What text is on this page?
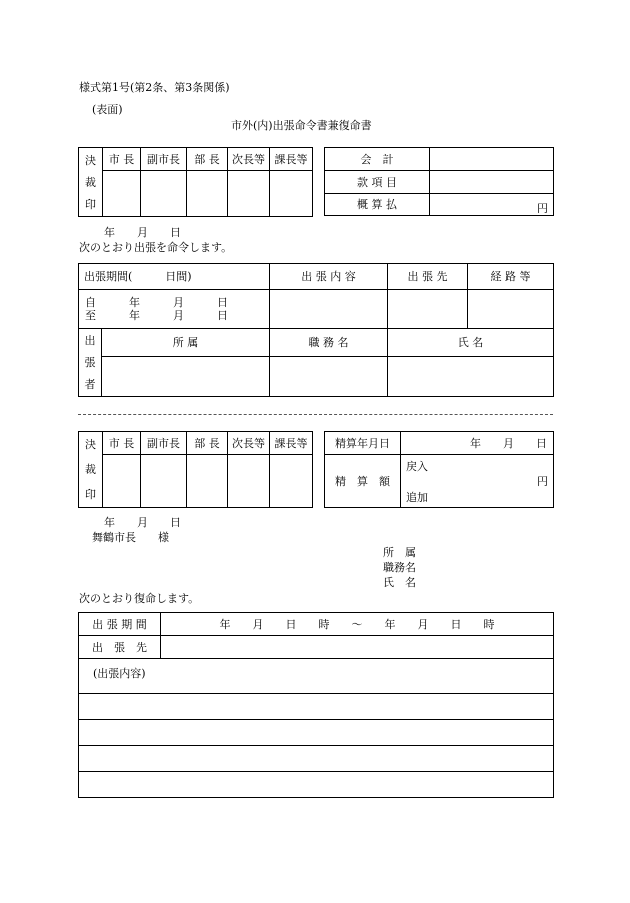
様式第1号(第2条、第3条関係)
(表面)
市外(内)出張命令書兼復命書
決
裁
印	市 長	副市長	部 長	次長等	課長等
					会　計	
款 項 目	
概 算 払	円
年　　月　　日
次のとおり出張を命令します。
出張期間(　　　日間)		出 張 内 容	出 張 先	経 路 等

自　　　年　　　月　　　日
至　　　年　　　月　　　日				

出
張
者	所 属	職 務 名	氏 名	

決
裁
印	市 長	副市長	部 長	次長等	課長等
					精算年月日	年　　月　　日
精　算　額	戻入
円
追加
年　　月　　日
舞鶴市長　　様
所　属
職務名
氏　名
次のとおり復命します。
出 張 期 間	年　　月　　日　　時　　〜　　年　　月　　日　　時
出　張　先	
(出張内容)	
